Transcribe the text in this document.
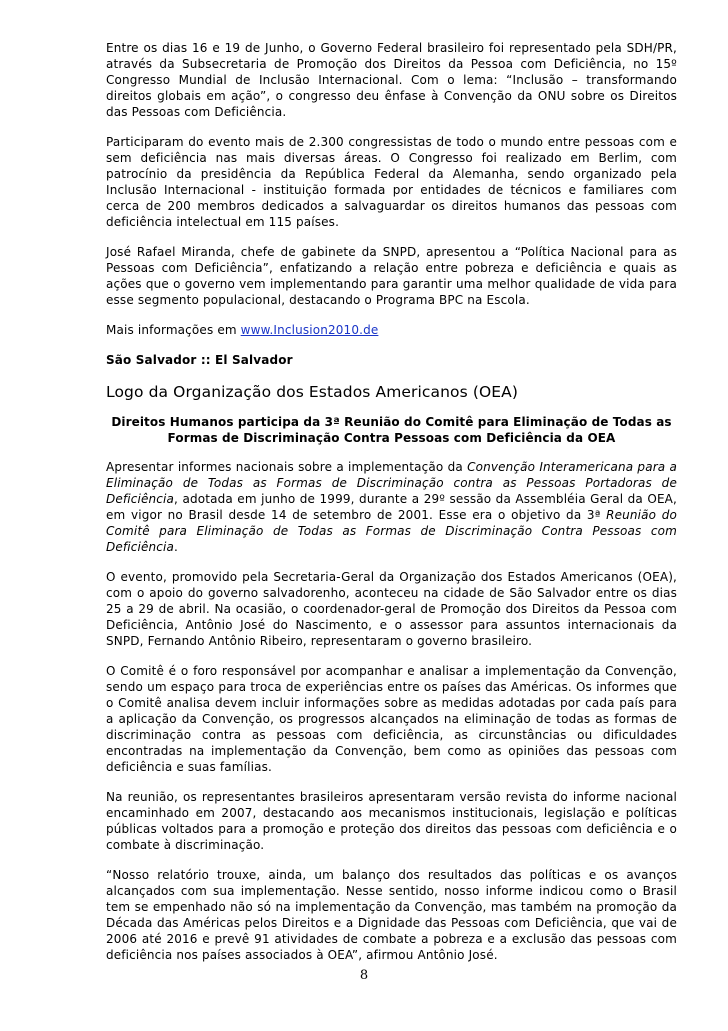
Entre os dias 16 e 19 de Junho, o Governo Federal brasileiro foi representado pela SDH/PR, através da Subsecretaria de Promoção dos Direitos da Pessoa com Deficiência, no 15º Congresso Mundial de Inclusão Internacional. Com o lema: “Inclusão – transformando direitos globais em ação”, o congresso deu ênfase à Convenção da ONU sobre os Direitos das Pessoas com Deficiência.

Participaram do evento mais de 2.300 congressistas de todo o mundo entre pessoas com e sem deficiência nas mais diversas áreas. O Congresso foi realizado em Berlim, com patrocínio da presidência da República Federal da Alemanha, sendo organizado pela Inclusão Internacional - instituição formada por entidades de técnicos e familiares com cerca de 200 membros dedicados a salvaguardar os direitos humanos das pessoas com deficiência intelectual em 115 países.

José Rafael Miranda, chefe de gabinete da SNPD, apresentou a “Política Nacional para as Pessoas com Deficiência”, enfatizando a relação entre pobreza e deficiência e quais as ações que o governo vem implementando para garantir uma melhor qualidade de vida para esse segmento populacional, destacando o Programa BPC na Escola.

Mais informações em www.Inclusion2010.de

São Salvador :: El Salvador

Logo da Organização dos Estados Americanos (OEA)
Direitos Humanos participa da 3ª Reunião do Comitê para Eliminação de Todas as Formas de Discriminação Contra Pessoas com Deficiência da OEA

Apresentar informes nacionais sobre a implementação da Convenção Interamericana para a Eliminação de Todas as Formas de Discriminação contra as Pessoas Portadoras de Deficiência, adotada em junho de 1999, durante a 29º sessão da Assembléia Geral da OEA, em vigor no Brasil desde 14 de setembro de 2001. Esse era o objetivo da 3ª Reunião do Comitê para Eliminação de Todas as Formas de Discriminação Contra Pessoas com Deficiência.

O evento, promovido pela Secretaria-Geral da Organização dos Estados Americanos (OEA), com o apoio do governo salvadorenho, aconteceu na cidade de São Salvador entre os dias 25 a 29 de abril. Na ocasião, o coordenador-geral de Promoção dos Direitos da Pessoa com Deficiência, Antônio José do Nascimento, e o assessor para assuntos internacionais da SNPD, Fernando Antônio Ribeiro, representaram o governo brasileiro.

O Comitê é o foro responsável por acompanhar e analisar a implementação da Convenção, sendo um espaço para troca de experiências entre os países das Américas. Os informes que o Comitê analisa devem incluir informações sobre as medidas adotadas por cada país para a aplicação da Convenção, os progressos alcançados na eliminação de todas as formas de discriminação contra as pessoas com deficiência, as circunstâncias ou dificuldades encontradas na implementação da Convenção, bem como as opiniões das pessoas com deficiência e suas famílias.

Na reunião, os representantes brasileiros apresentaram versão revista do informe nacional encaminhado em 2007, destacando aos mecanismos institucionais, legislação e políticas públicas voltados para a promoção e proteção dos direitos das pessoas com deficiência e o combate à discriminação.

“Nosso relatório trouxe, ainda, um balanço dos resultados das políticas e os avanços alcançados com sua implementação. Nesse sentido, nosso informe indicou como o Brasil tem se empenhado não só na implementação da Convenção, mas também na promoção da Década das Américas pelos Direitos e a Dignidade das Pessoas com Deficiência, que vai de 2006 até 2016 e prevê 91 atividades de combate a pobreza e a exclusão das pessoas com deficiência nos países associados à OEA”, afirmou Antônio José.

8
